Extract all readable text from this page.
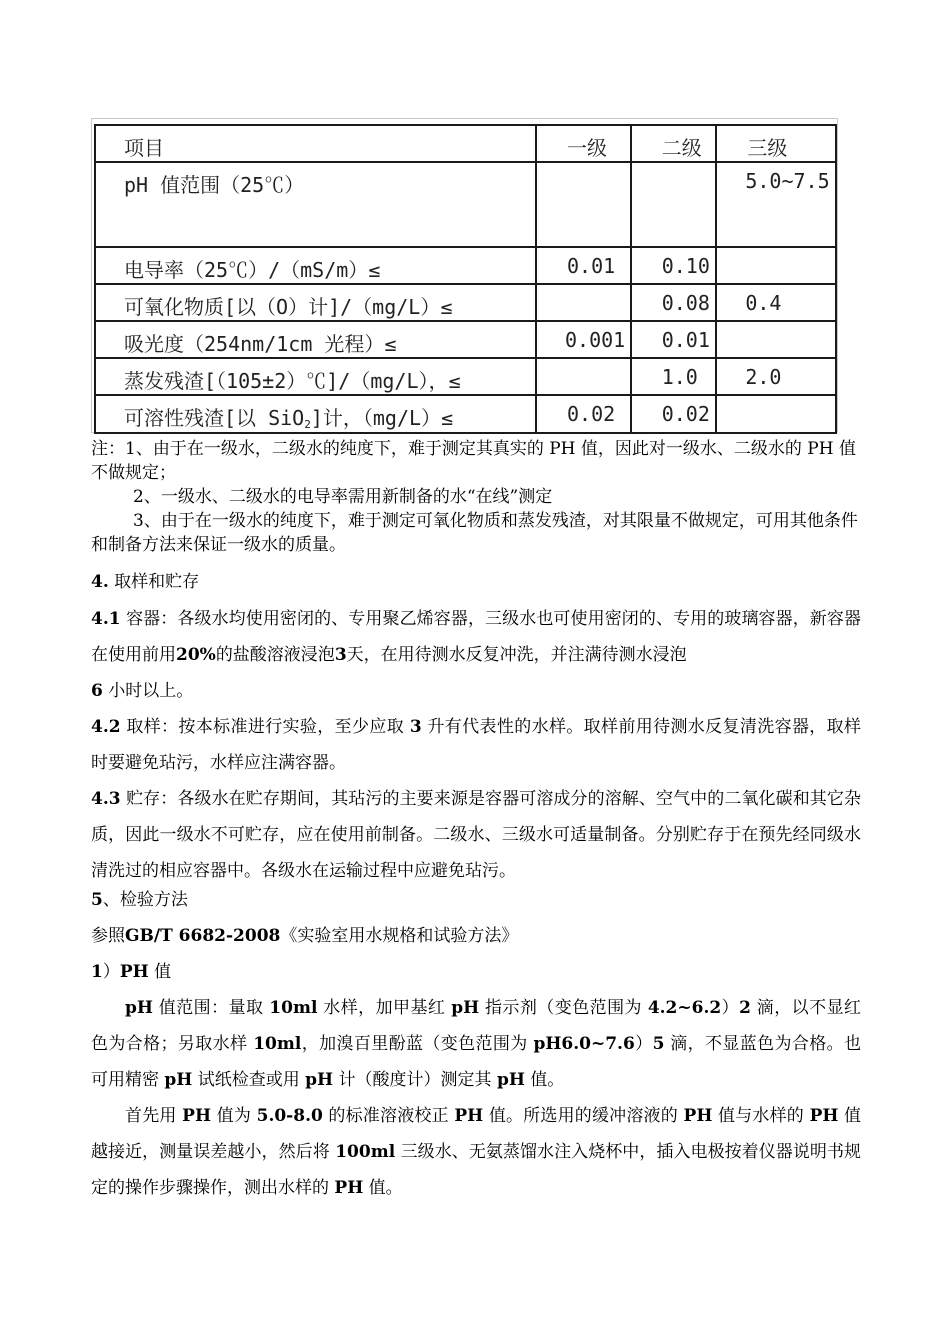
项目	一级	二级	三级
pH 值范围（25℃）			5.0~7.5
电导率（25℃）/（mS/m）≤	0.01	0.10	
可氧化物质[以（O）计]/（mg/L）≤		0.08	0.4
吸光度（254nm/1cm 光程）≤	0.001	0.01	
蒸发残渣[（105±2）℃]/（mg/L），≤		1.0	2.0
可溶性残渣[以 SiO$_2$]计，（mg/L）≤	0.02	0.02	

注：1、由于在一级水，二级水的纯度下，难于测定其真实的 PH 值，因此对一级水、二级水的 PH 值不做规定；

2、一级水、二级水的电导率需用新制备的水“在线”测定

3、由于在一级水的纯度下，难于测定可氧化物质和蒸发残渣，对其限量不做规定，可用其他条件和制备方法来保证一级水的质量。

4. 取样和贮存

4.1 容器：各级水均使用密闭的、专用聚乙烯容器，三级水也可使用密闭的、专用的玻璃容器，新容器在使用前用20%的盐酸溶液浸泡3天，在用待测水反复冲洗，并注满待测水浸泡
6 小时以上。

4.2 取样：按本标准进行实验，至少应取 3 升有代表性的水样。取样前用待测水反复清洗容器，取样时要避免玷污，水样应注满容器。

4.3 贮存：各级水在贮存期间，其玷污的主要来源是容器可溶成分的溶解、空气中的二氧化碳和其它杂质，因此一级水不可贮存，应在使用前制备。二级水、三级水可适量制备。分别贮存于在预先经同级水清洗过的相应容器中。各级水在运输过程中应避免玷污。

5、检验方法

参照GB/T 6682-2008《实验室用水规格和试验方法》

1）PH 值

pH 值范围：量取 10ml 水样，加甲基红 pH 指示剂（变色范围为 4.2~6.2）2 滴，以不显红色为合格；另取水样 10ml，加溴百里酚蓝（变色范围为 pH6.0~7.6）5 滴，不显蓝色为合格。也可用精密 pH 试纸检查或用 pH 计（酸度计）测定其 pH 值。

首先用 PH 值为 5.0-8.0 的标准溶液校正 PH 值。所选用的缓冲溶液的 PH 值与水样的 PH 值越接近，测量误差越小，然后将 100ml 三级水、无氨蒸馏水注入烧杯中，插入电极按着仪器说明书规定的操作步骤操作，测出水样的 PH 值。
